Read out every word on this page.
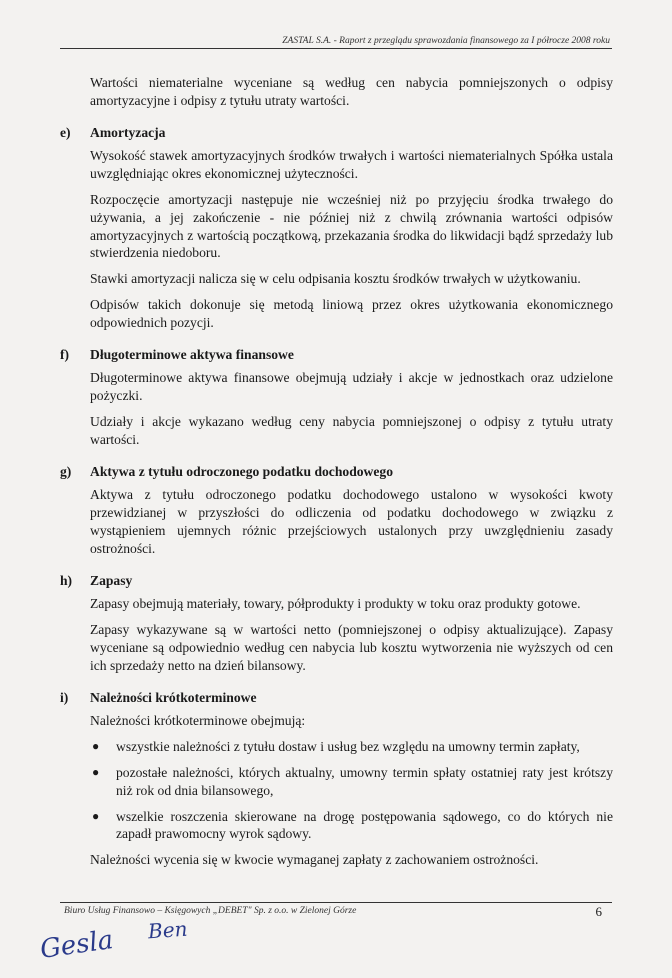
ZASTAL S.A. - Raport z przeglądu sprawozdania finansowego za I półrocze 2008 roku

Wartości niematerialne wyceniane są według cen nabycia pomniejszonych o odpisy amortyzacyjne i odpisy z tytułu utraty wartości.

e)	Amortyzacja

Wysokość stawek amortyzacyjnych środków trwałych i wartości niematerialnych Spółka ustala uwzględniając okres ekonomicznej użyteczności.

Rozpoczęcie amortyzacji następuje nie wcześniej niż po przyjęciu środka trwałego do używania, a jej zakończenie - nie później niż z chwilą zrównania wartości odpisów amortyzacyjnych z wartością początkową, przekazania środka do likwidacji bądź sprzedaży lub stwierdzenia niedoboru.

Stawki amortyzacji nalicza się w celu odpisania kosztu środków trwałych w użytkowaniu.

Odpisów takich dokonuje się metodą liniową przez okres użytkowania ekonomicznego odpowiednich pozycji.

f)	Długoterminowe aktywa finansowe

Długoterminowe aktywa finansowe obejmują udziały i akcje w jednostkach oraz udzielone pożyczki.

Udziały i akcje wykazano według ceny nabycia pomniejszonej o odpisy z tytułu utraty wartości.

g)	Aktywa z tytułu odroczonego podatku dochodowego

Aktywa z tytułu odroczonego podatku dochodowego ustalono w wysokości kwoty przewidzianej w przyszłości do odliczenia od podatku dochodowego w związku z wystąpieniem ujemnych różnic przejściowych ustalonych przy uwzględnieniu zasady ostrożności.

h)	Zapasy

Zapasy obejmują materiały, towary, półprodukty i produkty w toku oraz produkty gotowe.

Zapasy wykazywane są w wartości netto (pomniejszonej o odpisy aktualizujące). Zapasy wyceniane są odpowiednio według cen nabycia lub kosztu wytworzenia nie wyższych od cen ich sprzedaży netto na dzień bilansowy.

i)	Należności krótkoterminowe

Należności krótkoterminowe obejmują:

● wszystkie należności z tytułu dostaw i usług bez względu na umowny termin zapłaty,
● pozostałe należności, których aktualny, umowny termin spłaty ostatniej raty jest krótszy niż rok od dnia bilansowego,
● wszelkie roszczenia skierowane na drogę postępowania sądowego, co do których nie zapadł prawomocny wyrok sądowy.

Należności wycenia się w kwocie wymaganej zapłaty z zachowaniem ostrożności.

Biuro Usług Finansowo – Księgowych „DEBET" Sp. z o.o. w Zielonej Górze	6
Gesla Ben
